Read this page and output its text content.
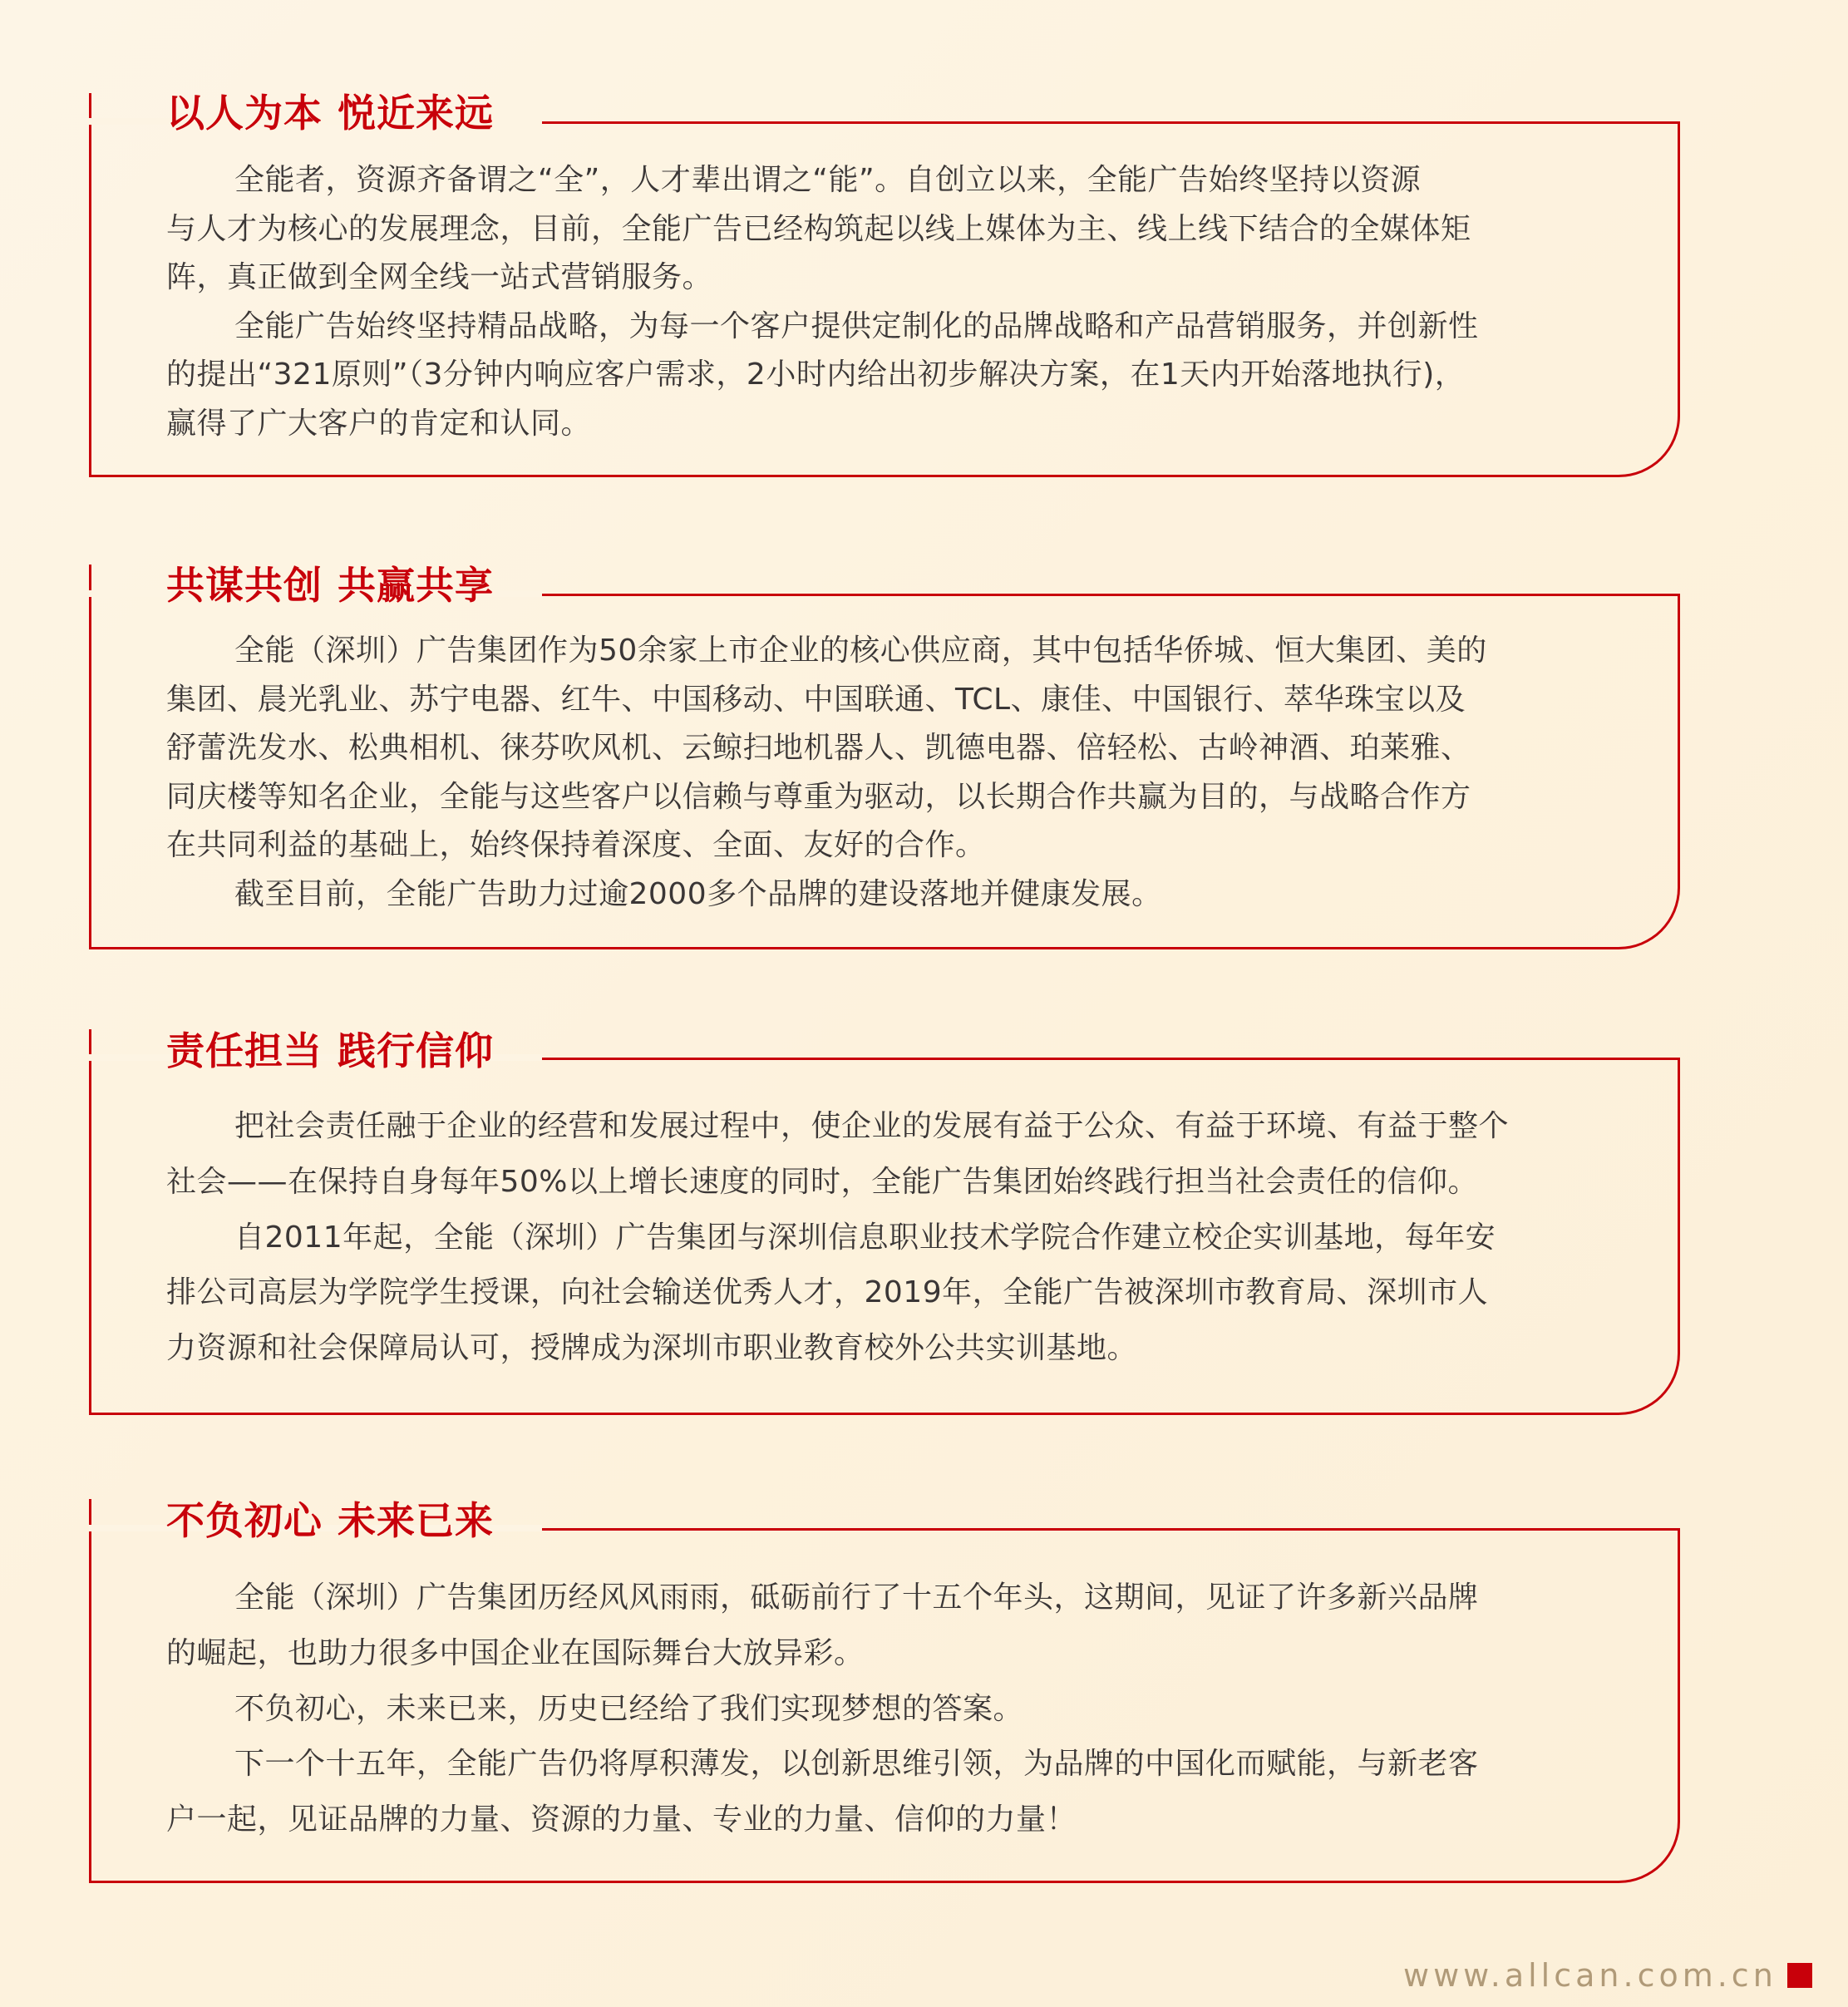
以人为本 悦近来远
全能者，资源齐备谓之“全”，人才辈出谓之“能”。自创立以来，全能广告始终坚持以资源
与人才为核心的发展理念，目前，全能广告已经构筑起以线上媒体为主、线上线下结合的全媒体矩
阵，真正做到全网全线一站式营销服务。
全能广告始终坚持精品战略，为每一个客户提供定制化的品牌战略和产品营销服务，并创新性
的提出“321原则”（3分钟内响应客户需求，2小时内给出初步解决方案，在1天内开始落地执行)，
赢得了广大客户的肯定和认同。
共谋共创 共赢共享
全能（深圳）广告集团作为50余家上市企业的核心供应商，其中包括华侨城、恒大集团、美的
集团、晨光乳业、苏宁电器、红牛、中国移动、中国联通、TCL、康佳、中国银行、萃华珠宝以及
舒蕾洗发水、松典相机、徕芬吹风机、云鲸扫地机器人、凯德电器、倍轻松、古岭神酒、珀莱雅、
同庆楼等知名企业，全能与这些客户以信赖与尊重为驱动，以长期合作共赢为目的，与战略合作方
在共同利益的基础上，始终保持着深度、全面、友好的合作。
截至目前，全能广告助力过逾2000多个品牌的建设落地并健康发展。
责任担当 践行信仰
把社会责任融于企业的经营和发展过程中，使企业的发展有益于公众、有益于环境、有益于整个
社会——在保持自身每年50%以上增长速度的同时，全能广告集团始终践行担当社会责任的信仰。
自2011年起，全能（深圳）广告集团与深圳信息职业技术学院合作建立校企实训基地，每年安
排公司高层为学院学生授课，向社会输送优秀人才，2019年，全能广告被深圳市教育局、深圳市人
力资源和社会保障局认可，授牌成为深圳市职业教育校外公共实训基地。
不负初心 未来已来
全能（深圳）广告集团历经风风雨雨，砥砺前行了十五个年头，这期间，见证了许多新兴品牌
的崛起，也助力很多中国企业在国际舞台大放异彩。
不负初心，未来已来，历史已经给了我们实现梦想的答案。
下一个十五年，全能广告仍将厚积薄发，以创新思维引领，为品牌的中国化而赋能，与新老客
户一起，见证品牌的力量、资源的力量、专业的力量、信仰的力量！
www.allcan.com.cn
